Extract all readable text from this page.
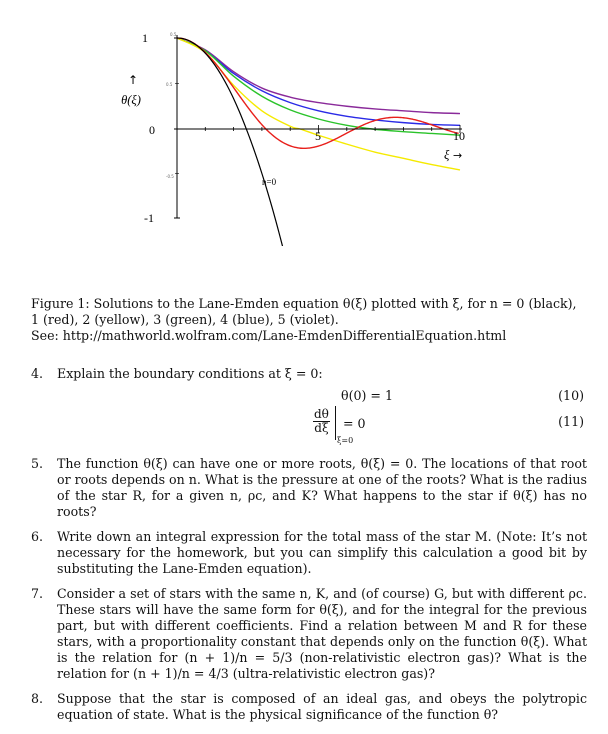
1
0
-1
5	10
↑
θ(ξ)
ξ →
n=0
0.5
0.5
-0.5

Figure 1: Solutions to the Lane-Emden equation θ(ξ) plotted with ξ, for n = 0 (black), 1 (red), 2 (yellow), 3 (green), 4 (blue), 5 (violet).

See: http://mathworld.wolfram.com/Lane-EmdenDifferentialEquation.html

4.	Explain the boundary conditions at ξ = 0:
θ(0) = 1	(10)
$\frac{d\theta}{d\xi}$
ξ=0
= 0	(11)
5.	The function θ(ξ) can have one or more roots, θ(ξ) = 0. The locations of that root or roots depends on n. What is the pressure at one of the roots? What is the radius of the star R, for a given n, ρc, and K? What happens to the star if θ(ξ) has no roots?
6.	Write down an integral expression for the total mass of the star M. (Note: It’s not necessary for the homework, but you can simplify this calculation a good bit by substituting the Lane-Emden equation).
7.	Consider a set of stars with the same n, K, and (of course) G, but with different ρc. These stars will have the same form for θ(ξ), and for the integral for the previous part, but with different coefficients. Find a relation between M and R for these stars, with a proportionality constant that depends only on the function θ(ξ). What is the relation for (n + 1)/n = 5/3 (non-relativistic electron gas)? What is the relation for (n + 1)/n = 4/3 (ultra-relativistic electron gas)?
8.	Suppose that the star is composed of an ideal gas, and obeys the polytropic equation of state. What is the physical significance of the function θ?
